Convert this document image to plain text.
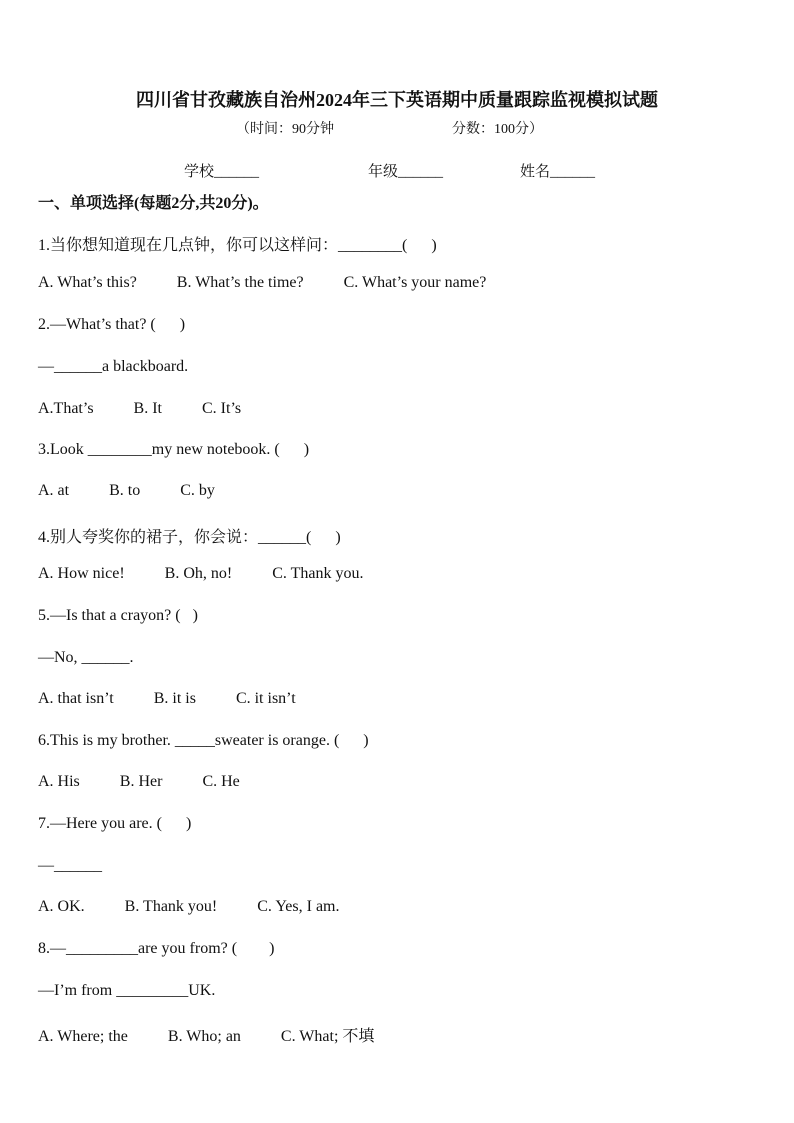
四川省甘孜藏族自治州2024年三下英语期中质量跟踪监视模拟试题
（时间：90分钟	分数：100分）
学校______	年级______	姓名______
一、单项选择(每题2分,共20分)。
1.当你想知道现在几点钟，你可以这样问：________(      )
A. What’s this?          B. What’s the time?          C. What’s your name?
2.—What’s that? (      )
—______a blackboard.
A.That’s          B. It          C. It’s
3.Look ________my new notebook. (      )
A. at          B. to          C. by
4.别人夸奖你的裙子，你会说：______(      )
A. How nice!          B. Oh, no!          C. Thank you.
5.—Is that a crayon? (   )
—No, ______.
A. that isn’t          B. it is          C. it isn’t
6.This is my brother. _____sweater is orange. (      )
A. His          B. Her          C. He
7.—Here you are. (      )
—______
A. OK.          B. Thank you!          C. Yes, I am.
8.—_________are you from? (        )
—I’m from _________UK.
A. Where; the          B. Who; an          C. What; 不填
